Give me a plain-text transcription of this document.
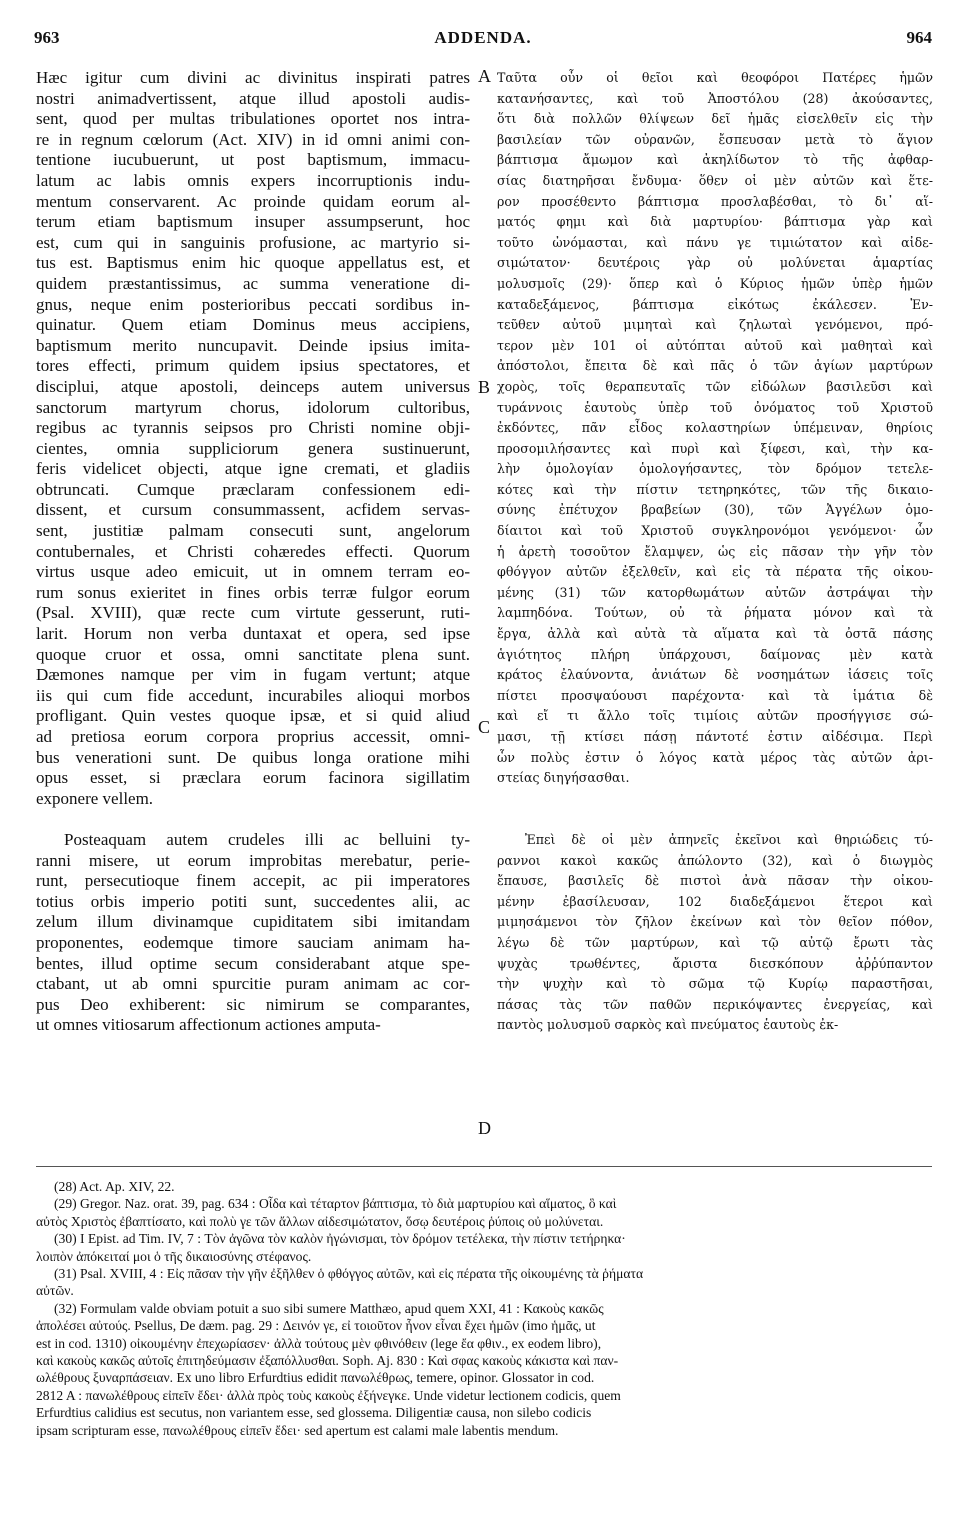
963	ADDENDA.	964
Hæc igitur cum divini ac divinitus inspirati patres
nostri animadvertissent, atque illud apostoli audis-
sent, quod per multas tribulationes oportet nos intra-
re in regnum cœlorum (Act. XIV) in id omni animi con-
tentione iucubuerunt, ut post baptismum, immacu-
latum ac labis omnis expers incorruptionis indu-
mentum conservarent. Ac proinde quidam eorum al-
terum etiam baptismum insuper assumpserunt, hoc
est, cum qui in sanguinis profusione, ac martyrio si-
tus est. Baptismus enim hic quoque appellatus est, et
quidem præstantissimus, ac summa veneratione di-
gnus, neque enim posterioribus peccati sordibus in-
quinatur. Quem etiam Dominus meus accipiens,
baptismum merito nuncupavit. Deinde ipsius imita-
tores effecti, primum quidem ipsius spectatores, et
disciplui, atque apostoli, deinceps autem universus
sanctorum martyrum chorus, idolorum cultoribus,
regibus ac tyrannis seipsos pro Christi nomine obji-
cientes, omnia suppliciorum genera sustinuerunt,
feris videlicet objecti, atque igne cremati, et gladiis
obtruncati. Cumque præclaram confessionem edi-
dissent, et cursum consummassent, acfidem servas-
sent, justitiæ palmam consecuti sunt, angelorum
contubernales, et Christi cohæredes effecti. Quorum
virtus usque adeo emicuit, ut in omnem terram eo-
rum sonus exieritet in fines orbis terræ fulgor eorum
(Psal. XVIII), quæ recte cum virtute gesserunt, ruti-
larit. Horum non verba duntaxat et opera, sed ipse
quoque cruor et ossa, omni sanctitate plena sunt.
Dæmones namque per vim in fugam vertunt; atque
iis qui cum fide accedunt, incurabiles alioqui morbos
profligant. Quin vestes quoque ipsæ, et si quid aliud
ad pretiosa eorum corpora proprius accessit, omni-
bus venerationi sunt. De quibus longa oratione mihi
opus esset, si præclara eorum facinora sigillatim
exponere vellem.
Posteaquam autem crudeles illi ac belluini ty-
ranni misere, ut eorum improbitas merebatur, perie-
runt, persecutioque finem accepit, ac pii imperatores
totius orbis imperio potiti sunt, succedentes alii, ac
zelum illum divinamque cupiditatem sibi imitandam
proponentes, eodemque timore sauciam animam ha-
bentes, illud optime secum considerabant atque spe-
ctabant, ut ab omni spurcitie puram animam ac cor-
pus Deo exhiberent: sic nimirum se comparantes,
ut omnes vitiosarum affectionum actiones amputa-
Ταῦτα οὖν οἱ θεῖοι καὶ θεοφόροι Πατέρες ἡμῶν
κατανήσαντες, καὶ τοῦ Ἀποστόλου (28) ἀκούσαντες,
ὅτι διὰ πολλῶν θλίψεων δεῖ ἡμᾶς εἰσελθεῖν εἰς τὴν
βασιλείαν τῶν οὐρανῶν, ἔσπευσαν μετὰ τὸ ἅγιον
βάπτισμα ἄμωμον καὶ ἀκηλίδωτον τὸ τῆς ἀφθαρ-
σίας διατηρῆσαι ἔνδυμα· ὅθεν οἱ μὲν αὐτῶν καὶ ἕτε-
ρον προσέθεντο βάπτισμα προσλαβέσθαι, τὸ δι᾽ αἵ-
ματός φημι καὶ διὰ μαρτυρίου· βάπτισμα γὰρ καὶ
τοῦτο ὠνόμασται, καὶ πάνυ γε τιμιώτατον καὶ αἰδε-
σιμώτατον· δευτέροις γὰρ οὐ μολύνεται ἁμαρτίας
μολυσμοῖς (29)· ὅπερ καὶ ὁ Κύριος ἡμῶν ὑπὲρ ἡμῶν
καταδεξάμενος, βάπτισμα εἰκότως ἐκάλεσεν. Ἐν-
τεῦθεν αὐτοῦ μιμηταὶ καὶ ζηλωταὶ γενόμενοι, πρό-
τερον μὲν 101 οἱ αὐτόπται αὐτοῦ καὶ μαθηταὶ καὶ
ἀπόστολοι, ἔπειτα δὲ καὶ πᾶς ὁ τῶν ἁγίων μαρτύρων
χορὸς, τοῖς θεραπευταῖς τῶν εἰδώλων βασιλεῦσι καὶ
τυράννοις ἑαυτοὺς ὑπὲρ τοῦ ὀνόματος τοῦ Χριστοῦ
ἐκδόντες, πᾶν εἶδος κολαστηρίων ὑπέμειναν, θηρίοις
προσομιλήσαντες καὶ πυρὶ καὶ ξίφεσι, καὶ, τὴν κα-
λὴν ὁμολογίαν ὁμολογήσαντες, τὸν δρόμον τετελε-
κότες καὶ τὴν πίστιν τετηρηκότες, τῶν τῆς δικαιο-
σύνης ἐπέτυχον βραβείων (30), τῶν Ἀγγέλων ὁμο-
δίαιτοι καὶ τοῦ Χριστοῦ συγκληρονόμοι γενόμενοι· ὧν
ἡ ἀρετὴ τοσοῦτον ἔλαμψεν, ὡς εἰς πᾶσαν τὴν γῆν τὸν
φθόγγον αὐτῶν ἐξελθεῖν, καὶ εἰς τὰ πέρατα τῆς οἰκου-
μένης (31) τῶν κατορθωμάτων αὐτῶν ἀστράψαι τὴν
λαμπηδόνα. Τούτων, οὐ τὰ ῥήματα μόνον καὶ τὰ
ἔργα, ἀλλὰ καὶ αὐτὰ τὰ αἵματα καὶ τὰ ὀστᾶ πάσης
ἁγιότητος πλήρη ὑπάρχουσι, δαίμονας μὲν κατὰ
κράτος ἐλαύνοντα, ἀνιάτων δὲ νοσημάτων ἰάσεις τοῖς
πίστει προσψαύουσι παρέχοντα· καὶ τὰ ἱμάτια δὲ
καὶ εἴ τι ἄλλο τοῖς τιμίοις αὐτῶν προσήγγισε σώ-
μασι, τῇ κτίσει πάσῃ πάντοτέ ἐστιν αἰδέσιμα. Περὶ
ὧν πολὺς ἐστιν ὁ λόγος κατὰ μέρος τὰς αὐτῶν ἀρι-
στείας διηγήσασθαι.
Ἐπεὶ δὲ οἱ μὲν ἀπηνεῖς ἐκεῖνοι καὶ θηριώδεις τύ-
ραννοι κακοὶ κακῶς ἀπώλοντο (32), καὶ ὁ διωγμὸς
ἔπαυσε, βασιλεῖς δὲ πιστοὶ ἀνὰ πᾶσαν τὴν οἰκου-
μένην ἐβασίλευσαν, 102 διαδεξάμενοι ἕτεροι καὶ
μιμησάμενοι τὸν ζῆλον ἐκείνων καὶ τὸν θεῖον πόθον,
λέγω δὲ τῶν μαρτύρων, καὶ τῷ αὐτῷ ἔρωτι τὰς
ψυχὰς τρωθέντες, ἄριστα διεσκόπουν ἀῤῥύπαντον
τὴν ψυχὴν καὶ τὸ σῶμα τῷ Κυρίῳ παραστῆσαι,
πάσας τὰς τῶν παθῶν περικόψαντες ἐνεργείας, καὶ
παντὸς μολυσμοῦ σαρκὸς καὶ πνεύματος ἑαυτοὺς ἐκ-
A
B
C
D
(28) Act. Ap. XIV, 22.
(29) Gregor. Naz. orat. 39, pag. 634 : Οἶδα καὶ τέταρτον βάπτισμα, τὸ διὰ μαρτυρίου καὶ αἵματος, ὃ καὶ
αὐτὸς Χριστὸς ἐβαπτίσατο, καὶ πολὺ γε τῶν ἄλλων αἰδεσιμώτατον, ὅσῳ δευτέροις ῥύποις οὐ μολύνεται.
(30) I Epist. ad Tim. IV, 7 : Τὸν ἀγῶνα τὸν καλὸν ἠγώνισμαι, τὸν δρόμον τετέλεκα, τὴν πίστιν τετήρηκα·
λοιπὸν ἀπόκειταί μοι ὁ τῆς δικαιοσύνης στέφανος.
(31) Psal. XVIII, 4 : Εἰς πᾶσαν τὴν γῆν ἐξῆλθεν ὁ φθόγγος αὐτῶν, καὶ εἰς πέρατα τῆς οἰκουμένης τὰ ῥήματα
αὐτῶν.
(32) Formulam valde obviam potuit a suo sibi sumere Matthæo, apud quem XXI, 41 : Κακοὺς κακῶς
ἀπολέσει αὐτούς. Psellus, De dæm. pag. 29 : Δεινόν γε, εἰ τοιοῦτον ἦνον εἶναι ἔχει ἡμῶν (imo ἡμᾶς, ut
est in cod. 1310) οἰκουμένην ἐπεχωρίασεν· ἀλλὰ τούτους μὲν φθινόθειν (lege ἔα φθιν., ex eodem libro),
καὶ κακοὺς κακῶς αὐτοῖς ἐπιτηδεύμασιν ἐξαπόλλυσθαι. Soph. Aj. 830 : Καὶ σφας κακοὺς κάκιστα καὶ παν-
ωλέθρους ξυναρπάσειαν. Ex uno libro Erfurdtius edidit πανωλέθρως, temere, opinor. Glossator in cod.
2812 A : πανωλέθρους εἰπεῖν ἔδει· ἀλλὰ πρὸς τοὺς κακοὺς ἐξήνεγκε. Unde videtur lectionem codicis, quem
Erfurdtius calidius est secutus, non variantem esse, sed glossema. Diligentiæ causa, non silebo codicis
ipsam scripturam esse, πανωλέθρους εἰπεῖν ἔδει· sed apertum est calami male labentis mendum.
